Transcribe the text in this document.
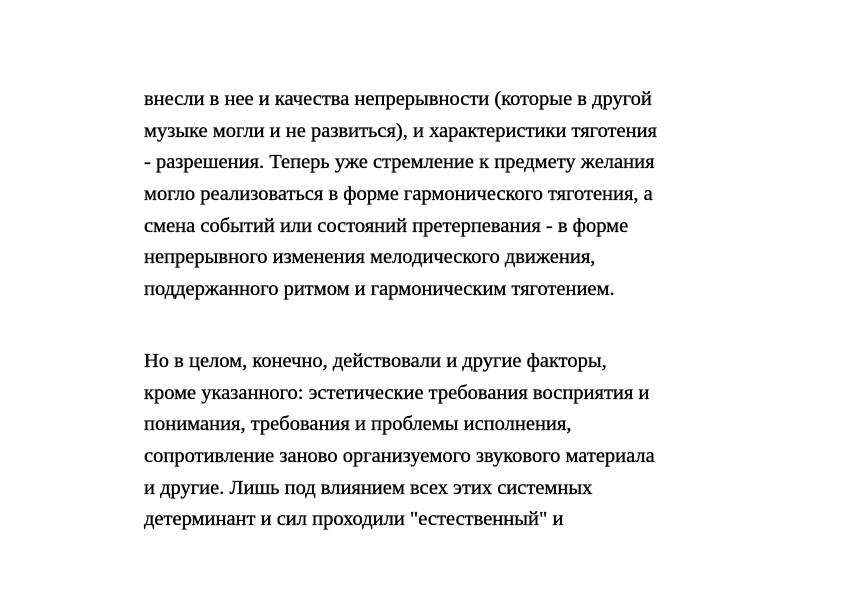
внесли в нее и качества непрерывности (которые в другой
музыке могли и не развиться), и характеристики тяготения
- разрешения. Теперь уже стремление к предмету желания
могло реализоваться в форме гармонического тяготения, а
смена событий или состояний претерпевания - в форме
непрерывного изменения мелодического движения,
поддержанного ритмом и гармоническим тяготением.
Но в целом, конечно, действовали и другие факторы,
кроме указанного: эстетические требования восприятия и
понимания, требования и проблемы исполнения,
сопротивление заново организуемого звукового материала
и другие. Лишь под влиянием всех этих системных
детерминант и сил проходили "естественный" и
